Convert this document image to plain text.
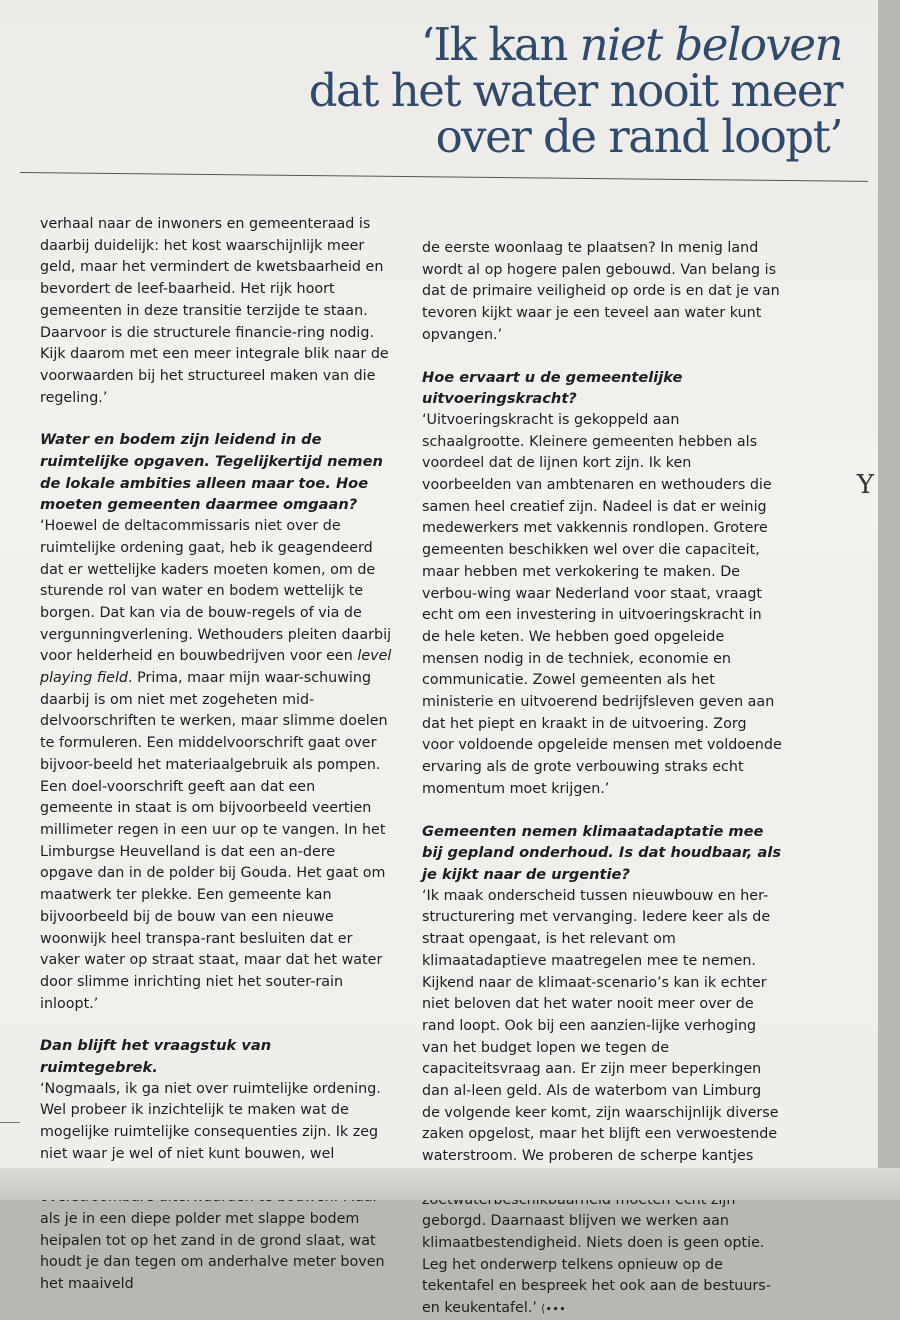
‘Ik kan niet beloven
dat het water nooit meer
over de rand loopt’

verhaal naar de inwoners en gemeenteraad is daarbij duidelijk: het kost waarschijnlijk meer geld, maar het vermindert de kwetsbaarheid en bevordert de leef-baarheid. Het rijk hoort gemeenten in deze transitie terzijde te staan. Daarvoor is die structurele financie-ring nodig. Kijk daarom met een meer integrale blik naar de voorwaarden bij het structureel maken van die regeling.’

Water en bodem zijn leidend in de ruimtelijke opgaven. Tegelijkertijd nemen de lokale ambities alleen maar toe. Hoe moeten gemeenten daarmee omgaan?

‘Hoewel de deltacommissaris niet over de ruimtelijke ordening gaat, heb ik geagendeerd dat er wettelijke kaders moeten komen, om de sturende rol van water en bodem wettelijk te borgen. Dat kan via de bouw-regels of via de vergunningverlening. Wethouders pleiten daarbij voor helderheid en bouwbedrijven voor een level playing field. Prima, maar mijn waar-schuwing daarbij is om niet met zogeheten mid-delvoorschriften te werken, maar slimme doelen te formuleren. Een middelvoorschrift gaat over bijvoor-beeld het materiaalgebruik als pompen. Een doel-voorschrift geeft aan dat een gemeente in staat is om bijvoorbeeld veertien millimeter regen in een uur op te vangen. In het Limburgse Heuvelland is dat een an-dere opgave dan in de polder bij Gouda. Het gaat om maatwerk ter plekke. Een gemeente kan bijvoorbeeld bij de bouw van een nieuwe woonwijk heel transpa-rant besluiten dat er vaker water op straat staat, maar dat het water door slimme inrichting niet het souter-rain inloopt.’

Dan blijft het vraagstuk van ruimtegebrek.

‘Nogmaals, ik ga niet over ruimtelijke ordening. Wel probeer ik inzichtelijk te maken wat de mogelijke ruimtelijke consequenties zijn. Ik zeg niet waar je wel of niet kunt bouwen, wel als je in een diepe polder met slappe bodem heipalen tot op het zand in de grond slaat, wat houdt je dan tegen om anderhalve meter boven het maaiveld

de eerste woonlaag te plaatsen? In menig land wordt al op hogere palen gebouwd. Van belang is dat de primaire veiligheid op orde is en dat je van tevoren kijkt waar je een teveel aan water kunt opvangen.’

Hoe ervaart u de gemeentelijke uitvoeringskracht?

‘Uitvoeringskracht is gekoppeld aan schaalgrootte. Kleinere gemeenten hebben als voordeel dat de lijnen kort zijn. Ik ken voorbeelden van ambtenaren en wethouders die samen heel creatief zijn. Nadeel is dat er weinig medewerkers met vakkennis rondlopen. Grotere gemeenten beschikken wel over die capaciteit, maar hebben met verkokering te maken. De verbou-wing waar Nederland voor staat, vraagt echt om een investering in uitvoeringskracht in de hele keten. We hebben goed opgeleide mensen nodig in de techniek, economie en communicatie. Zowel gemeenten als het ministerie en uitvoerend bedrijfsleven geven aan dat het piept en kraakt in de uitvoering. Zorg voor voldoende opgeleide mensen met voldoende ervaring als de grote verbouwing straks echt momentum moet krijgen.’

Gemeenten nemen klimaatadaptatie mee bij gepland onderhoud. Is dat houdbaar, als je kijkt naar de urgentie?

‘Ik maak onderscheid tussen nieuwbouw en her-structurering met vervanging. Iedere keer als de straat opengaat, is het relevant om klimaatadaptieve maatregelen mee te nemen. Kijkend naar de klimaat-scenario’s kan ik echter niet beloven dat het water nooit meer over de rand loopt. Ook bij een aanzien-lijke verhoging van het budget lopen we tegen de capaciteitsvraag aan. Er zijn meer beperkingen dan al-leen geld. Als de waterbom van Limburg de volgende keer komt, zijn waarschijnlijk diverse zaken opgelost, maar het blijft een verwoestende waterstroom. We proberen de scherpe kantjes geborgd. Daarnaast blijven we werken aan klimaatbestendigheid. Niets doen is geen optie. Leg het onderwerp telkens opnieuw op de tekentafel en bespreek het ook aan de bestuurs- en keukentafel.’ ⟨∙∙∙

Y
